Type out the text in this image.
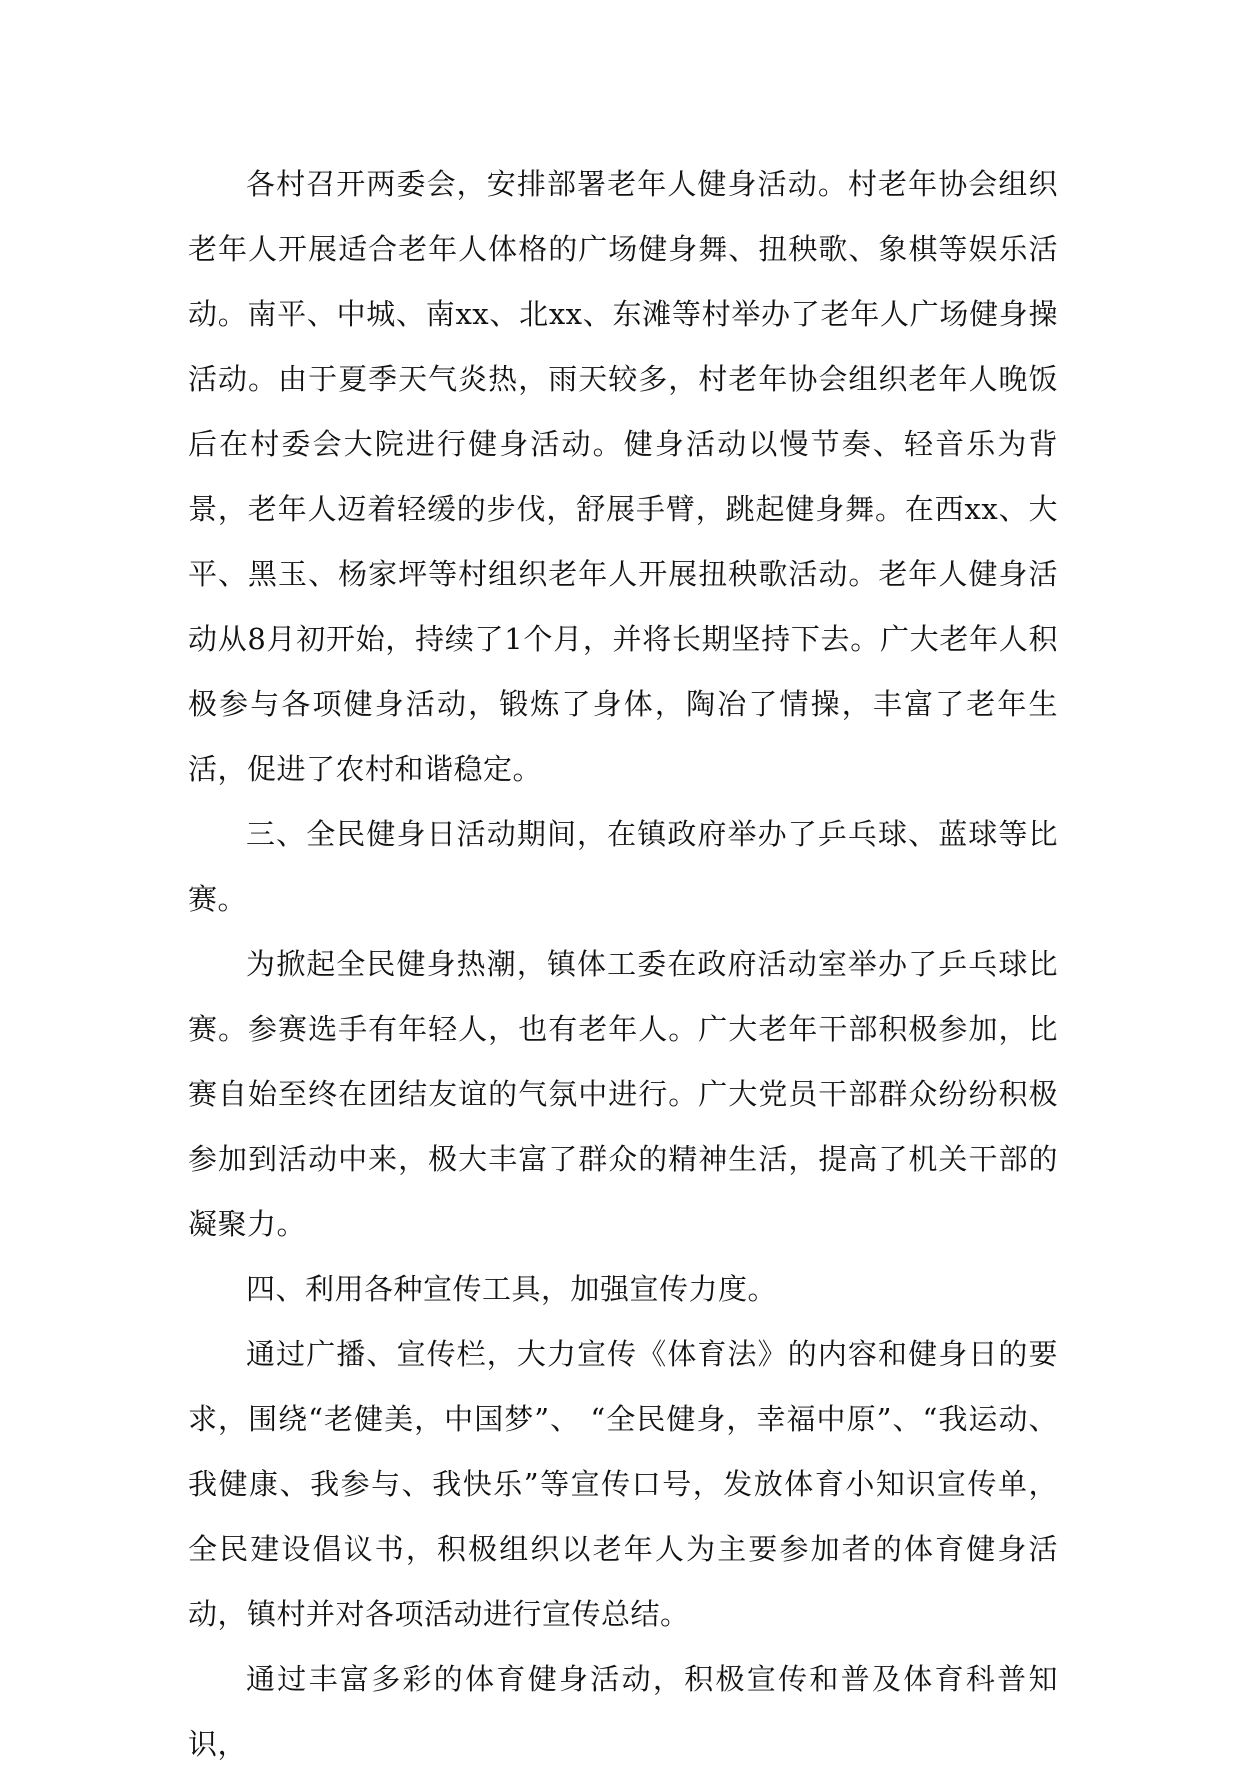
各村召开两委会，安排部署老年人健身活动。村老年协会组织老年人开展适合老年人体格的广场健身舞、扭秧歌、象棋等娱乐活动。南平、中城、南xx、北xx、东滩等村举办了老年人广场健身操活动。由于夏季天气炎热，雨天较多，村老年协会组织老年人晚饭后在村委会大院进行健身活动。健身活动以慢节奏、轻音乐为背景，老年人迈着轻缓的步伐，舒展手臂，跳起健身舞。在西xx、大平、黑玉、杨家坪等村组织老年人开展扭秧歌活动。老年人健身活动从8月初开始，持续了1个月，并将长期坚持下去。广大老年人积极参与各项健身活动，锻炼了身体，陶冶了情操，丰富了老年生活，促进了农村和谐稳定。

三、全民健身日活动期间，在镇政府举办了乒乓球、蓝球等比赛。

为掀起全民健身热潮，镇体工委在政府活动室举办了乒乓球比赛。参赛选手有年轻人，也有老年人。广大老年干部积极参加，比赛自始至终在团结友谊的气氛中进行。广大党员干部群众纷纷积极参加到活动中来，极大丰富了群众的精神生活，提高了机关干部的凝聚力。

四、利用各种宣传工具，加强宣传力度。

通过广播、宣传栏，大力宣传《体育法》的内容和健身日的要求，围绕“老健美，中国梦”、 “全民健身，幸福中原”、“我运动、我健康、我参与、我快乐”等宣传口号，发放体育小知识宣传单，全民建设倡议书，积极组织以老年人为主要参加者的体育健身活动，镇村并对各项活动进行宣传总结。

通过丰富多彩的体育健身活动，积极宣传和普及体育科普知识，
